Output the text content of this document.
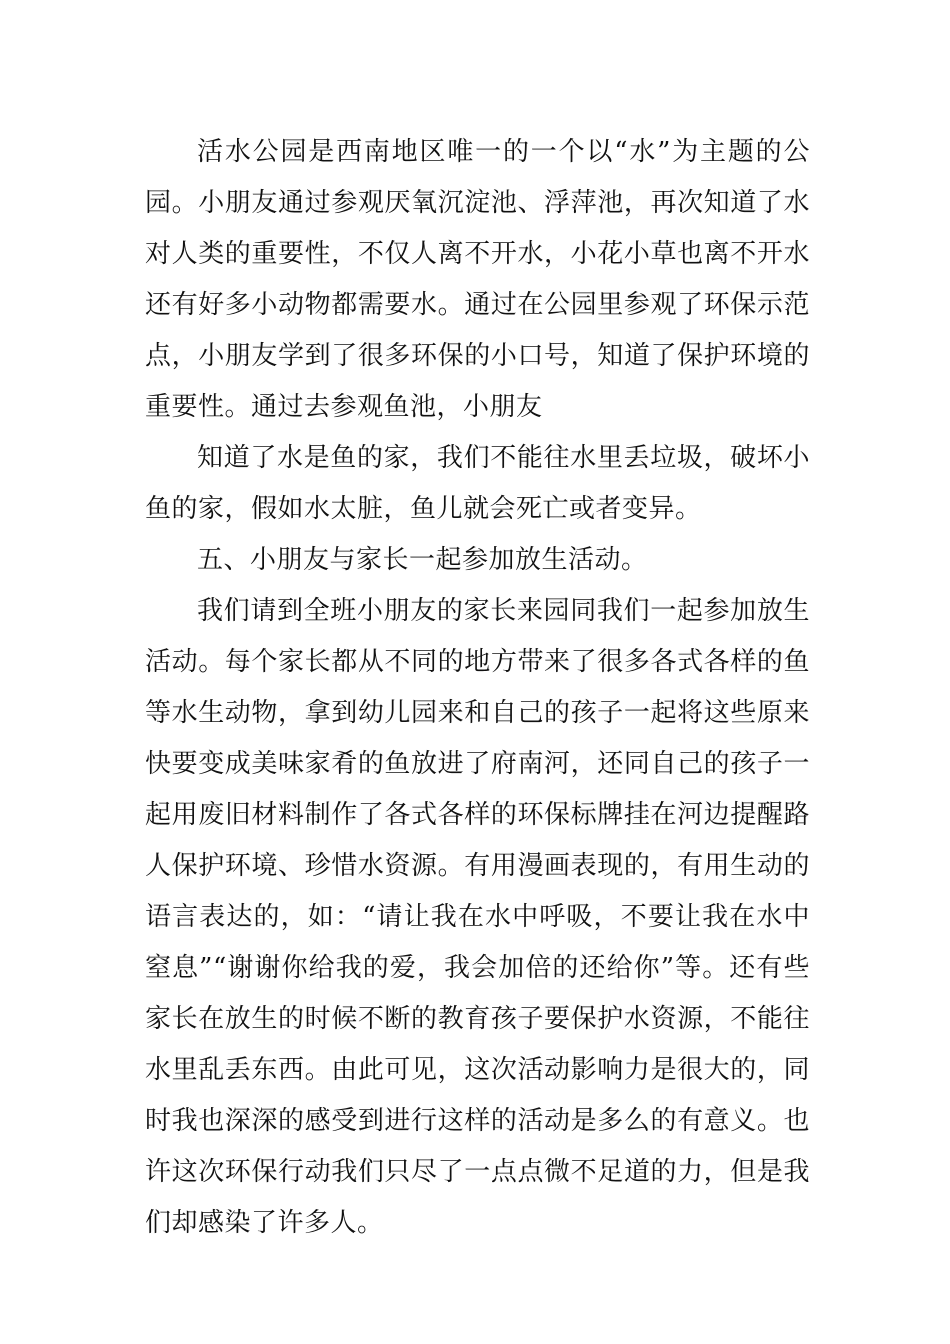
活水公园是西南地区唯一的一个以“水”为主题的公园。小朋友通过参观厌氧沉淀池、浮萍池，再次知道了水对人类的重要性，不仅人离不开水，小花小草也离不开水还有好多小动物都需要水。通过在公园里参观了环保示范点，小朋友学到了很多环保的小口号，知道了保护环境的重要性。通过去参观鱼池，小朋友

知道了水是鱼的家，我们不能往水里丢垃圾，破坏小鱼的家，假如水太脏，鱼儿就会死亡或者变异。

五、小朋友与家长一起参加放生活动。

我们请到全班小朋友的家长来园同我们一起参加放生活动。每个家长都从不同的地方带来了很多各式各样的鱼等水生动物，拿到幼儿园来和自己的孩子一起将这些原来快要变成美味家肴的鱼放进了府南河，还同自己的孩子一起用废旧材料制作了各式各样的环保标牌挂在河边提醒路人保护环境、珍惜水资源。有用漫画表现的，有用生动的语言表达的，如：“请让我在水中呼吸，不要让我在水中窒息”“谢谢你给我的爱，我会加倍的还给你”等。还有些家长在放生的时候不断的教育孩子要保护水资源，不能往水里乱丢东西。由此可见，这次活动影响力是很大的，同时我也深深的感受到进行这样的活动是多么的有意义。也许这次环保行动我们只尽了一点点微不足道的力，但是我们却感染了许多人。
